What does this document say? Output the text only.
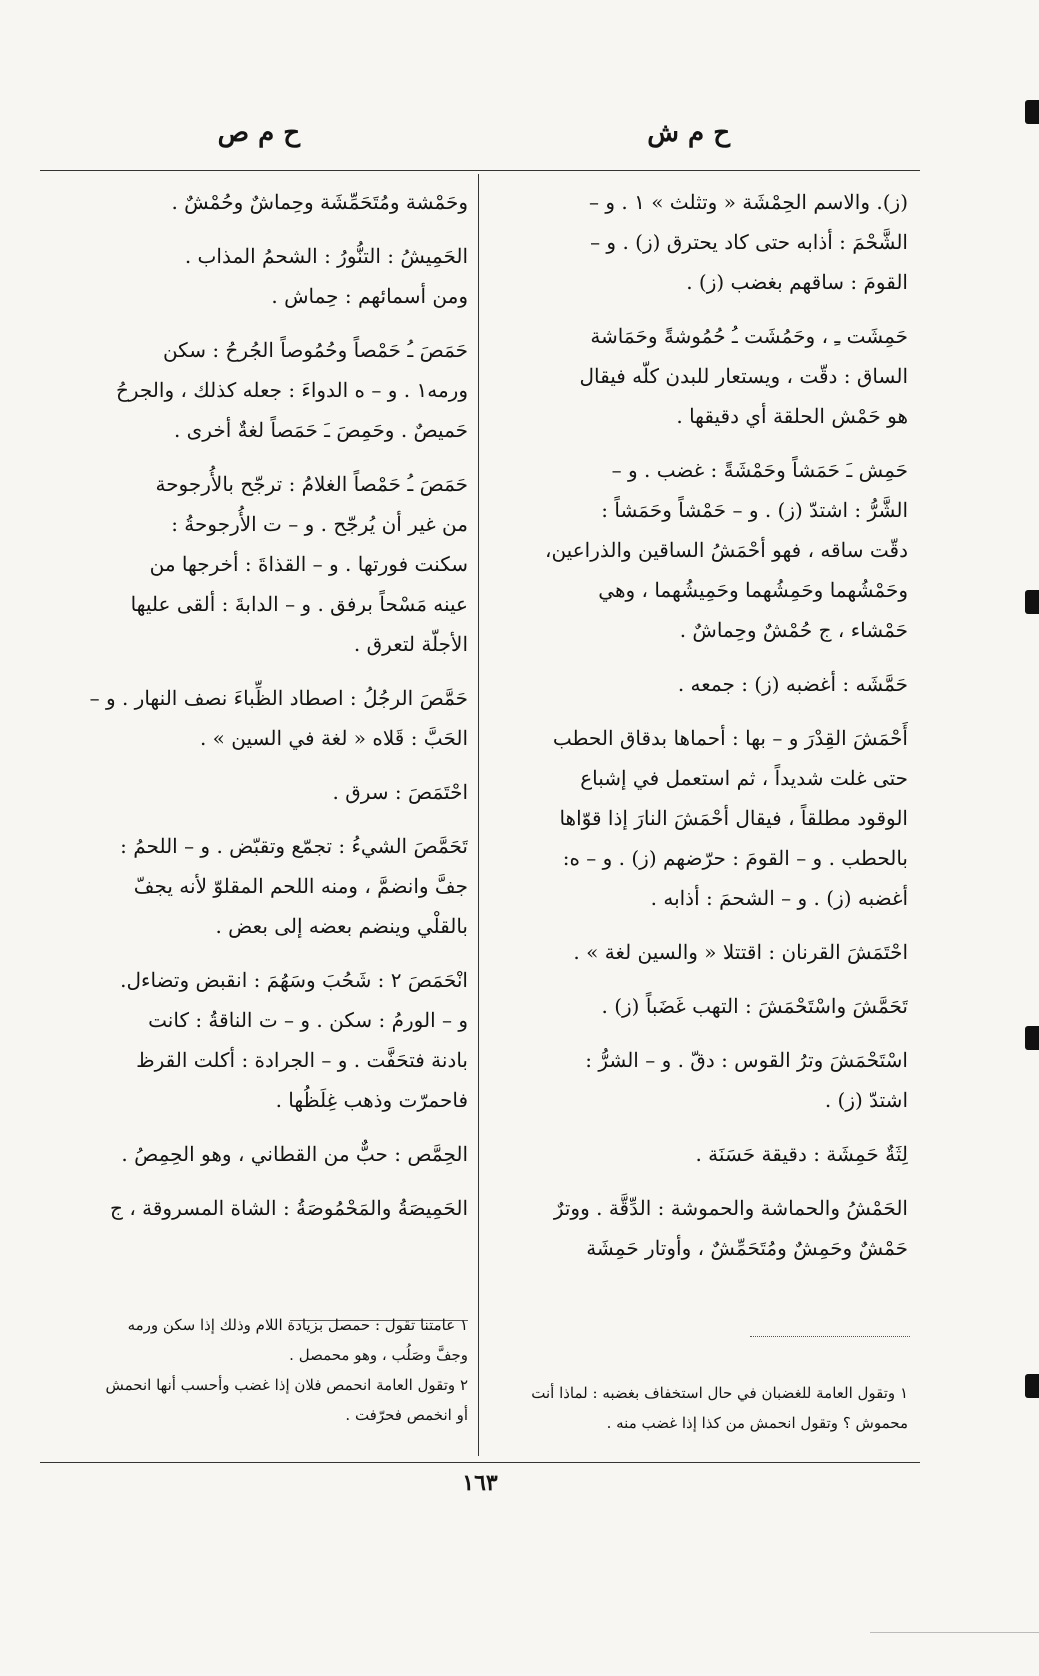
ح م ش
ح م ص

(ز). والاسم الحِمْشَة « وتثلث » ١ . و –

الشَّحْمَ : أذابه حتى كاد يحترق (ز) . و –

القومَ : ساقهم بغضب (ز) .

حَمِشَت ـِ ، وحَمُشَت ـُ حُمُوشةً وحَمَاشة

الساق : دقّت ، ويستعار للبدن كلّه فيقال

هو حَمْش الحلقة أي دقيقها .

حَمِش ـَ حَمَشاً وحَمْشَةً : غضب . و –

الشَّرُّ : اشتدّ (ز) . و – حَمْشاً وحَمَشاً :

دقّت ساقه ، فهو أحْمَشُ الساقين والذراعين،

وحَمْشُهما وحَمِشُهما وحَمِيشُهما ، وهي

حَمْشاء ، ج حُمْشٌ وحِماشٌ .

حَمَّشَه : أغضبه (ز) : جمعه .

أَحْمَشَ القِدْرَ و – بها : أحماها بدقاق الحطب

حتى غلت شديداً ، ثم استعمل في إشباع

الوقود مطلقاً ، فيقال أحْمَشَ النارَ إذا قوّاها

بالحطب . و – القومَ : حرّضهم (ز) . و – ه:

أغضبه (ز) . و – الشحمَ : أذابه .

احْتَمَشَ القرنان : اقتتلا « والسين لغة » .

تَحَمَّشَ واسْتَحْمَشَ : التهب غَضَباً (ز) .

اسْتَحْمَشَ وترُ القوس : دقّ . و – الشرُّ :

اشتدّ (ز) .

لِثَةٌ حَمِشَة : دقيقة حَسَنَة .

الحَمْشُ والحماشة والحموشة : الدِّقَّة . ووترٌ

حَمْشٌ وحَمِشٌ ومُتَحَمِّشٌ ، وأوتار حَمِشَة

وحَمْشة ومُتَحَمِّشَة وحِماشٌ وحُمْشٌ .

الحَمِيشُ : التنُّورُ : الشحمُ المذاب .

ومن أسمائهم : حِماش .

حَمَصَ ـُ حَمْصاً وحُمُوصاً الجُرحُ : سكن

ورمه١ . و – ه الدواءَ : جعله كذلك ، والجرحُ

حَميصٌ . وحَمِصَ ـَ حَمَصاً لغةٌ أخرى .

حَمَصَ ـُ حَمْصاً الغلامُ : ترجّح بالأُرجوحة

من غير أن يُرجّح . و – ت الأُرجوحةُ :

سكنت فورتها . و – القذاةَ : أخرجها من

عينه مَسْحاً برفق . و – الدابةَ : ألقى عليها

الأجلّة لتعرق .

حَمَّصَ الرجُلُ : اصطاد الظِّباءَ نصف النهار . و –

الحَبَّ : قَلاه « لغة في السين » .

احْتَمَصَ : سرق .

تَحَمَّصَ الشيءُ : تجمّع وتقبّض . و – اللحمُ :

جفَّ وانضمَّ ، ومنه اللحم المقلوّ لأنه يجفّ

بالقلْي وينضم بعضه إلى بعض .

انْحَمَصَ ٢ : شَحُبَ وسَهُمَ : انقبض وتضاءل.

و – الورمُ : سكن . و – ت الناقةُ : كانت

بادنة فتحَفَّت . و – الجرادة : أكلت القرظ

فاحمرّت وذهب غِلَظُها .

الحِمَّص : حبٌّ من القطاني ، وهو الحِمِصُ .

الحَمِيصَةُ والمَحْمُوصَةُ : الشاة المسروقة ، ج

١ وتقول العامة للغضبان في حال استخفاف بغضبه : لماذا أنت

محموش ؟ وتقول انحمش من كذا إذا غضب منه .

١ عامتنا تقول : حمصل بزيادة اللام وذلك إذا سكن ورمه

وجفَّ وصَلُب ، وهو محمصل .

٢ وتقول العامة انحمص فلان إذا غضب وأحسب أنها انحمش

أو انخمص فحرّفت .

١٦٣
